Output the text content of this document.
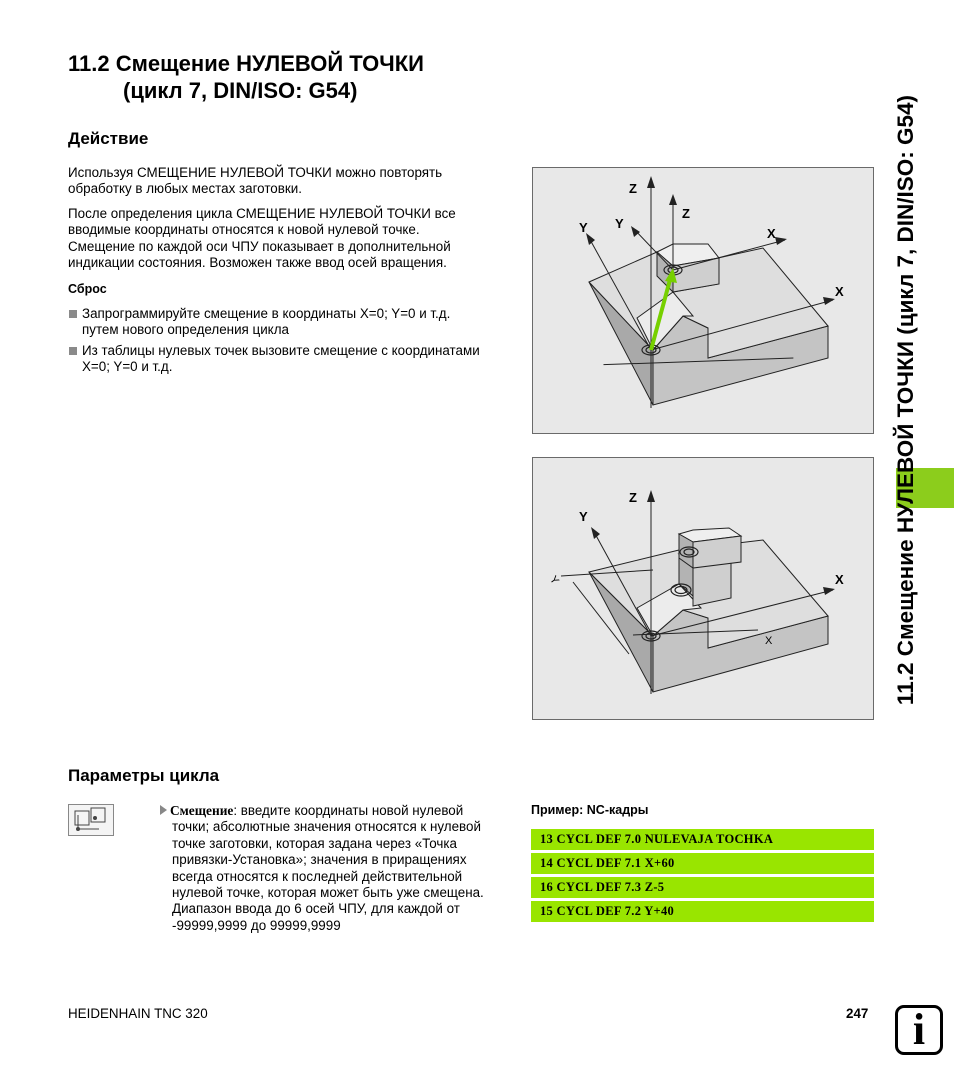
11.2 Смещение НУЛЕВОЙ ТОЧКИ
(цикл 7, DIN/ISO: G54)
Действие
Используя СМЕЩЕНИЕ НУЛЕВОЙ ТОЧКИ можно повторять
обработку в любых местах заготовки.
После определения цикла СМЕЩЕНИЕ НУЛЕВОЙ ТОЧКИ все
вводимые координаты относятся к новой нулевой точке.
Смещение по каждой оси ЧПУ показывает в дополнительной
индикации состояния. Возможен также ввод осей вращения.
Сброс
Запрограммируйте смещение в координаты X=0; Y=0 и т.д.
путем нового определения цикла
Из таблицы нулевых точек вызовите смещение с координатами
X=0; Y=0 и т.д.
Z
Y Y
Z
X
X
Z
Y
Y	X
X	11.2 Смещение НУЛЕВОЙ ТОЧКИ (цикл 7, DIN/ISO: G54)
Параметры цикла
Смещение: введите координаты новой нулевой
точки; абсолютные значения относятся к нулевой
точке заготовки, которая задана через «Точка
привязки-Установка»; значения в приращениях
всегда относятся к последней действительной
нулевой точке, которая может быть уже смещена.
Диапазон ввода до 6 осей ЧПУ, для каждой от
-99999,9999 до 99999,9999
Пример: NC-кадры
13 CYCL DEF 7.0 NULEVAJA TOCHKA
14 CYCL DEF 7.1 X+60
16 CYCL DEF 7.3 Z-5
15 CYCL DEF 7.2 Y+40
HEIDENHAIN TNC 320	247	i
